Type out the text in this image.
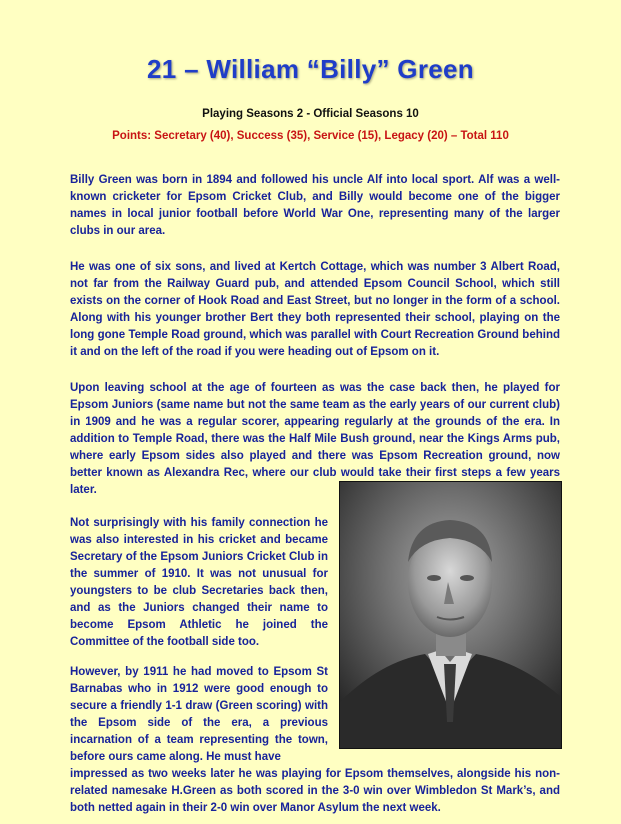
21 – William “Billy” Green
Playing Seasons 2 - Official Seasons 10
Points: Secretary (40), Success (35), Service (15), Legacy (20) – Total 110

Billy Green was born in 1894 and followed his uncle Alf into local sport. Alf was a well-known cricketer for Epsom Cricket Club, and Billy would become one of the bigger names in local junior football before World War One, representing many of the larger clubs in our area.

He was one of six sons, and lived at Kertch Cottage, which was number 3 Albert Road, not far from the Railway Guard pub, and attended Epsom Council School, which still exists on the corner of Hook Road and East Street, but no longer in the form of a school. Along with his younger brother Bert they both represented their school, playing on the long gone Temple Road ground, which was parallel with Court Recreation Ground behind it and on the left of the road if you were heading out of Epsom on it.

Upon leaving school at the age of fourteen as was the case back then, he played for Epsom Juniors (same name but not the same team as the early years of our current club) in 1909 and he was a regular scorer, appearing regularly at the grounds of the era. In addition to Temple Road, there was the Half Mile Bush ground, near the Kings Arms pub, where early Epsom sides also played and there was Epsom Recreation ground, now better known as Alexandra Rec, where our club would take their first steps a few years later.

Not surprisingly with his family connection he was also interested in his cricket and became Secretary of the Epsom Juniors Cricket Club in the summer of 1910. It was not unusual for youngsters to be club Secretaries back then, and as the Juniors changed their name to become Epsom Athletic he joined the Committee of the football side too.

However, by 1911 he had moved to Epsom St Barnabas who in 1912 were good enough to secure a friendly 1-1 draw (Green scoring) with the Epsom side of the era, a previous incarnation of a team representing the town, before ours came along. He must have
impressed as two weeks later he was playing for Epsom themselves, alongside his non-related namesake H.Green as both scored in the 3-0 win over Wimbledon St Mark’s, and both netted again in their 2-0 win over Manor Asylum the next week.
